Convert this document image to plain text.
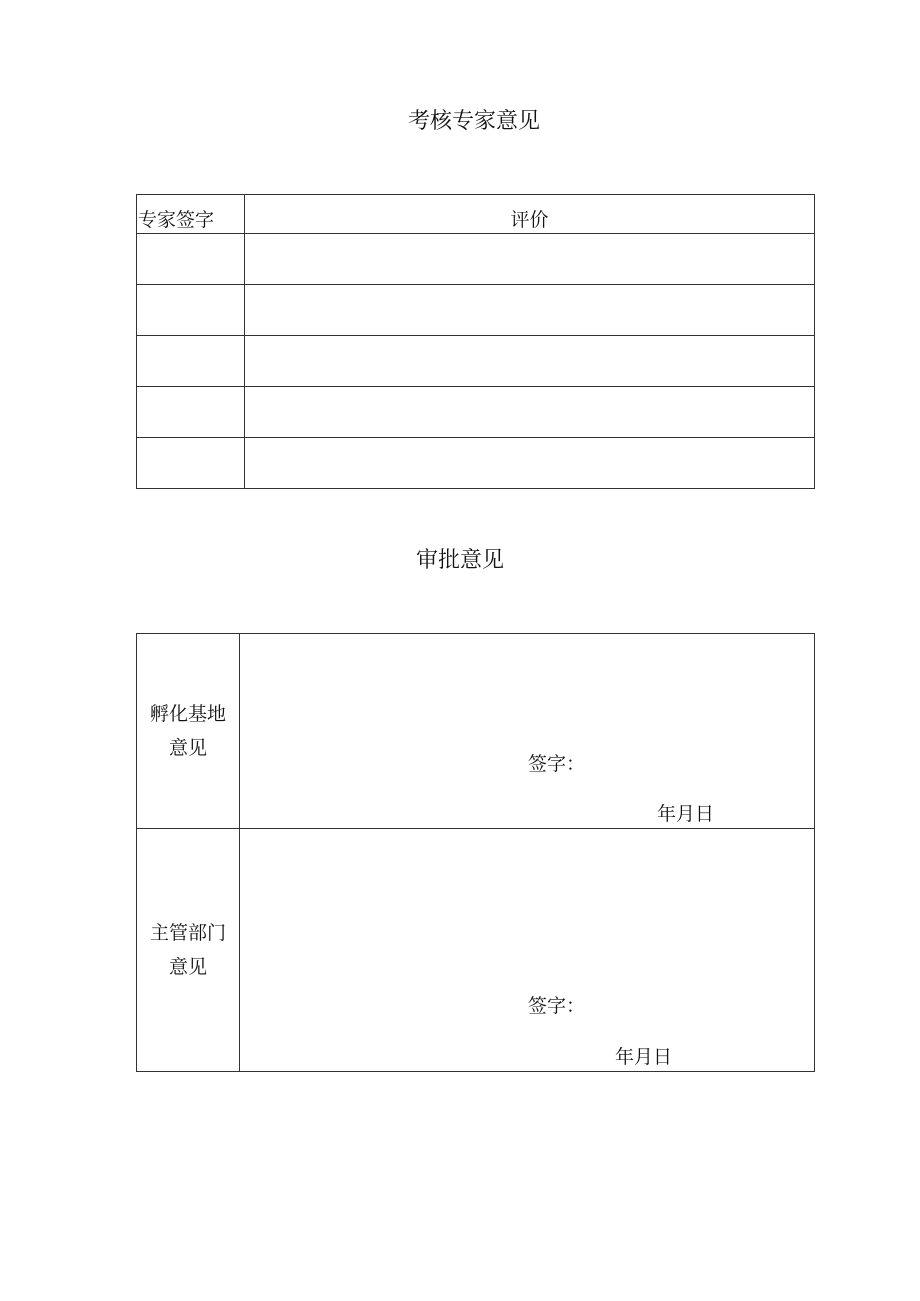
考核专家意见
专家签字	评价

审批意见
孵化基地
意见	签字：
年月日

主管部门
意见	签字：
年月日
